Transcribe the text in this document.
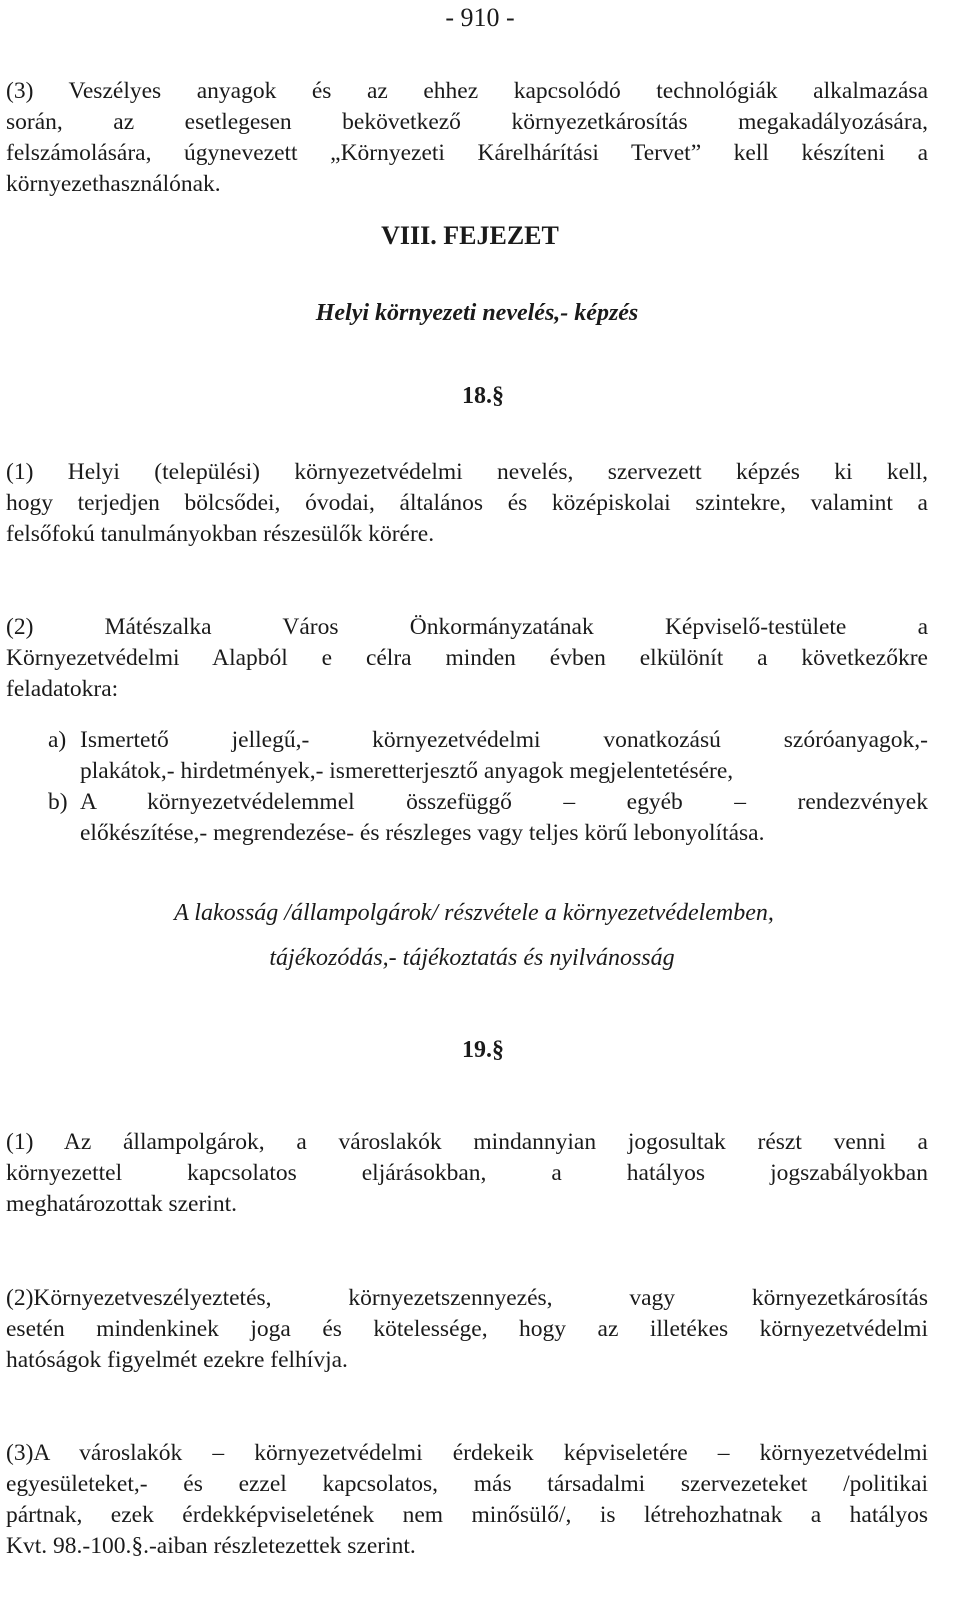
- 910 -

(3) Veszélyes anyagok és az ehhez kapcsolódó technológiák alkalmazása

során, az esetlegesen bekövetkező környezetkárosítás megakadályozására,

felszámolására, úgynevezett „Környezeti Kárelhárítási Tervet” kell készíteni a

környezethasználónak.

VIII. FEJEZET
Helyi környezeti nevelés,- képzés
18.§

(1) Helyi (települési) környezetvédelmi nevelés, szervezett képzés ki kell,

hogy terjedjen bölcsődei, óvodai, általános és középiskolai szintekre, valamint a

felsőfokú tanulmányokban részesülők körére.

(2) Mátészalka Város Önkormányzatának Képviselő-testülete a

Környezetvédelmi Alapból e célra minden évben elkülönít a következőkre

feladatokra:

a) Ismertető jellegű,- környezetvédelmi vonatkozású szóróanyagok,-

plakátok,- hirdetmények,- ismeretterjesztő anyagok megjelentetésére,

b) A környezetvédelemmel összefüggő – egyéb – rendezvények

előkészítése,- megrendezése- és részleges vagy teljes körű lebonyolítása.

A lakosság /állampolgárok/ részvétele a környezetvédelemben,
tájékozódás,- tájékoztatás és nyilvánosság
19.§

(1) Az állampolgárok, a városlakók mindannyian jogosultak részt venni a

környezettel kapcsolatos eljárásokban, a hatályos jogszabályokban

meghatározottak szerint.

(2)Környezetveszélyeztetés, környezetszennyezés, vagy környezetkárosítás

esetén mindenkinek joga és kötelessége, hogy az illetékes környezetvédelmi

hatóságok figyelmét ezekre felhívja.

(3)A városlakók – környezetvédelmi érdekeik képviseletére – környezetvédelmi

egyesületeket,- és ezzel kapcsolatos, más társadalmi szervezeteket /politikai

pártnak, ezek érdekképviseletének nem minősülő/, is létrehozhatnak a hatályos

Kvt. 98.-100.§.-aiban részletezettek szerint.
